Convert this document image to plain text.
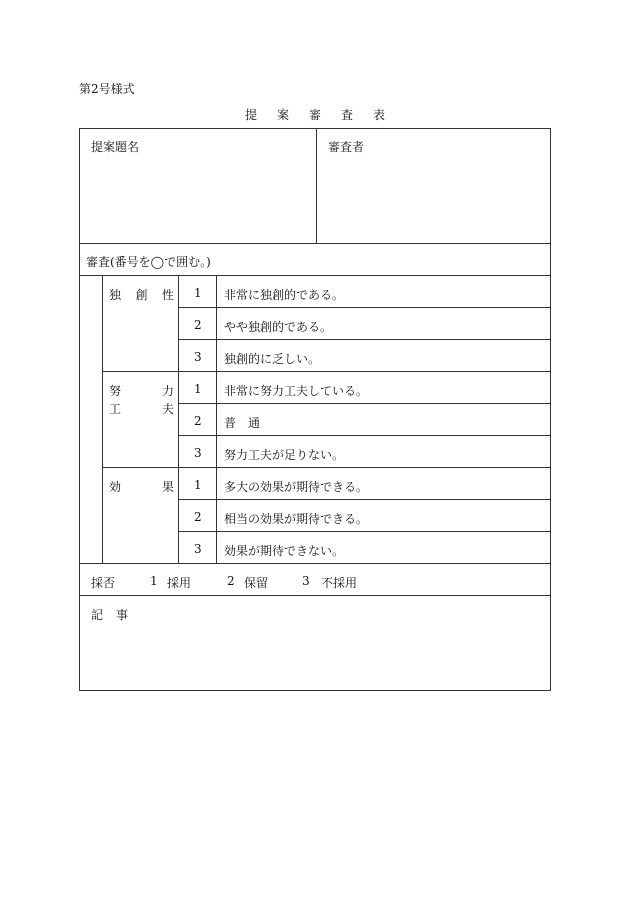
第2号様式
提 案 審 査 表
提案題名	審査者
審査(番号を◯で囲む。)
独 創 性 1 非常に独創的である。
2 やや独創的である。
3 独創的に乏しい。
努	力
工	夫
1 非常に努力工夫している。
2 普　通
3 努力工夫が足りない。
効	果 1 多大の効果が期待できる。
2 相当の効果が期待できる。
3 効果が期待できない。
採否	1 採用	2 保留	3 不採用
記 事
